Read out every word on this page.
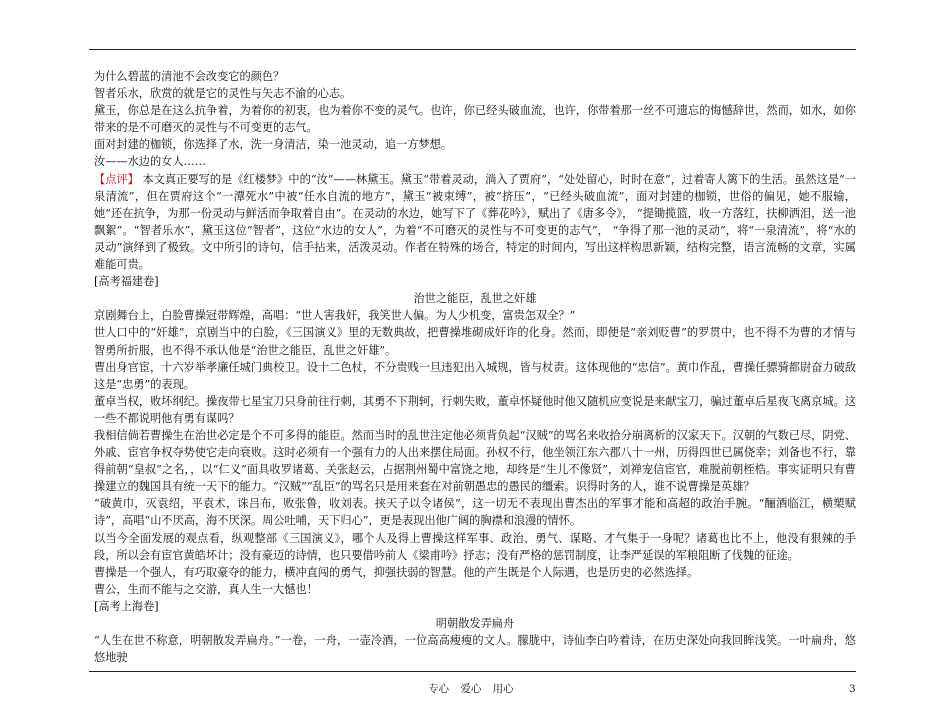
为什么碧蓝的清池不会改变它的颜色？

智者乐水，欣赏的就是它的灵性与矢志不渝的心志。

黛玉，你总是在这么抗争着，为着你的初衷，也为着你不变的灵气。也许，你已经头破血流，也许，你带着那一丝不可遗忘的悔憾辞世，然而，如水，如你带来的是不可磨灭的灵性与不可变更的志气。

面对封建的枷锁，你选择了水，洗一身清洁，染一池灵动，追一方梦想。

汝——水边的女人……

【点评】 本文真正要写的是《红楼梦》中的“汝”——林黛玉。黛玉“带着灵动，淌入了贾府”，“处处留心，时时在意”，过着寄人篱下的生活。虽然这是“一泉清流”，但在贾府这个“一潭死水”中被“任水自流的地方”，黛玉“被束缚”，被“挤压”，“已经头破血流”，面对封建的枷锁，世俗的偏见，她不服输，她“还在抗争，为那一份灵动与鲜活而争取着自由”。在灵动的水边，她写下了《葬花吟》，赋出了《唐多令》， “提锄揽篮，收一方落红，扶柳洒泪，送一池飘絮”。“智者乐水”，黛玉这位“智者”，这位“水边的女人”，为着“不可磨灭的灵性与不可变更的志气”， “争得了那一池的灵动”，将“一泉清流”，将“水的灵动”演绎到了极致。文中所引的诗句，信手拈来，活泼灵动。作者在特殊的场合，特定的时间内，写出这样构思新颖，结构完整，语言流畅的文章，实属难能可贵。

[高考福建卷]

治世之能臣，乱世之奸雄

京剧舞台上，白脸曹操冠带辉煌，高唱：“世人害我奸，我笑世人偏。为人少机变，富贵怎双全？”

世人口中的“奸雄”，京剧当中的白脸，《三国演义》里的无数典故，把曹操堆砌成奸诈的化身。然而，即便是“亲刘贬曹”的罗贯中，也不得不为曹的才情与智勇所折服，也不得不承认他是“治世之能臣，乱世之奸雄”。

曹出身官宦，十六岁举孝廉任城门典校卫。设十二色杖，不分贵贱一旦违犯出入城规，皆与杖责。这体现他的“忠信”。黄巾作乱，曹操任骠骑都尉奋力破敌这是“忠勇”的表现。

董卓当权，败坏纲纪。操夜带七星宝刀只身前往行刺，其勇不下荆轲，行刺失败，董卓怀疑他时他又随机应变说是来献宝刀，骗过董卓后星夜飞离京城。这一些不都说明他有勇有谋吗？

我相信倘若曹操生在治世必定是个不可多得的能臣。然而当时的乱世注定他必须背负起“汉贼”的骂名来收拾分崩离析的汉家天下。汉朝的气数已尽，阴党、外戚、宦官争权夺势使它走向衰败。这时必须有一个强有力的人出来摆住局面。孙权不行，他坐领江东六郡八十一州，历得四世已属侥幸；刘备也不行，靠得前朝“皇叔”之名，，以“仁义”面具收罗诸葛、关张赵云，占据荆州蜀中富饶之地，却终是“生儿不像贤”，刘禅宠信宦官，难脱前朝桎梏。事实证明只有曹操建立的魏国具有统一天下的能力。“汉贼”“乱臣”的骂名只是用来套在对前朝愚忠的愚民的缰索。识得时务的人，谁不说曹操是英雄？

“破黄巾，灭袁绍，平袁术，诛吕布，败张鲁，收刘表。挟天子以令诸侯”，这一切无不表现出曹杰出的军事才能和高超的政治手腕。“酾酒临江，横槊赋诗”，高唱“山不厌高，海不厌深。周公吐哺，天下归心”，更是表现出他广阔的胸襟和浪漫的情怀。

以当今全面发展的观点看，纵观整部《三国演义》，哪个人及得上曹操这样军事、政治、勇气、谋略、才气集于一身呢？诸葛也比不上，他没有狠辣的手段，所以会有宦官黄皓坏计；没有豪迈的诗情，也只要借吟前人《梁甫吟》抒志；没有严格的惩罚制度，让李严延误的军粮阻断了伐魏的征途。

曹操是一个强人，有巧取豪夺的能力，横冲直闯的勇气，抑强扶弱的智慧。他的产生既是个人际遇，也是历史的必然选择。

曹公，生而不能与之交游，真人生一大憾也！

[高考上海卷]

明朝散发弄扁舟

“人生在世不称意，明朝散发弄扁舟。”一卷，一舟，一壶冷酒，一位高高瘦瘦的文人。朦胧中，诗仙李白吟着诗，在历史深处向我回眸浅笑。一叶扁舟，悠悠地驶

专心 爱心 用心	3
